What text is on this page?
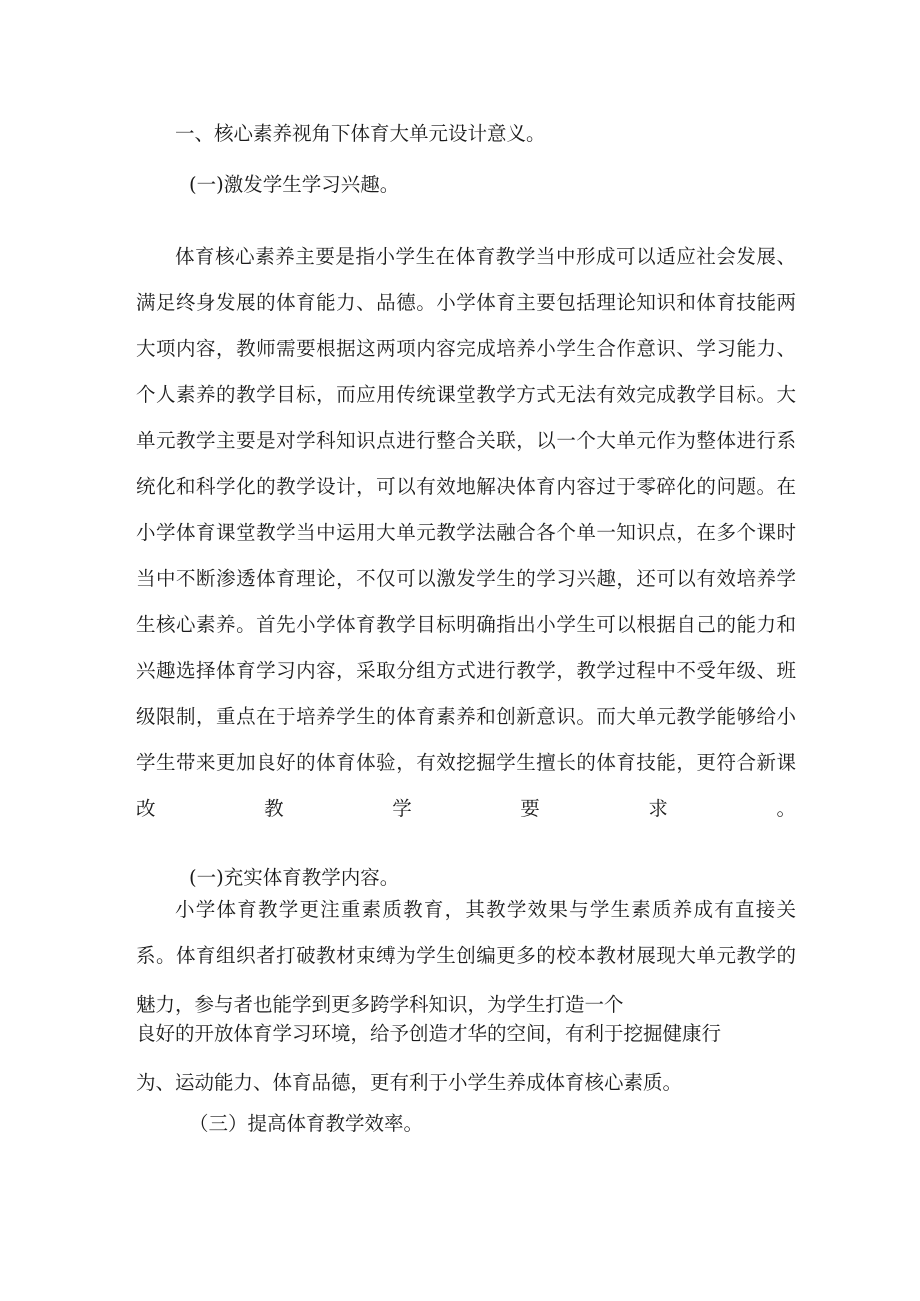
一、核心素养视角下体育大单元设计意义。

(一)激发学生学习兴趣。

体育核心素养主要是指小学生在体育教学当中形成可以适应社会发展、

满足终身发展的体育能力、品德。小学体育主要包括理论知识和体育技能两

大项内容，教师需要根据这两项内容完成培养小学生合作意识、学习能力、

个人素养的教学目标，而应用传统课堂教学方式无法有效完成教学目标。大

单元教学主要是对学科知识点进行整合关联，以一个大单元作为整体进行系

统化和科学化的教学设计，可以有效地解决体育内容过于零碎化的问题。在

小学体育课堂教学当中运用大单元教学法融合各个单一知识点，在多个课时

当中不断渗透体育理论，不仅可以激发学生的学习兴趣，还可以有效培养学

生核心素养。首先小学体育教学目标明确指出小学生可以根据自己的能力和

兴趣选择体育学习内容，采取分组方式进行教学，教学过程中不受年级、班

级限制，重点在于培养学生的体育素养和创新意识。而大单元教学能够给小

学生带来更加良好的体育体验，有效挖掘学生擅长的体育技能，更符合新课

改教学要求。

(一)充实体育教学内容。

小学体育教学更注重素质教育，其教学效果与学生素质养成有直接关

系。体育组织者打破教材束缚为学生创编更多的校本教材展现大单元教学的

魅力，参与者也能学到更多跨学科知识，为学生打造一个

良好的开放体育学习环境，给予创造才华的空间，有利于挖掘健康行

为、运动能力、体育品德，更有利于小学生养成体育核心素质。

（三）提高体育教学效率。
